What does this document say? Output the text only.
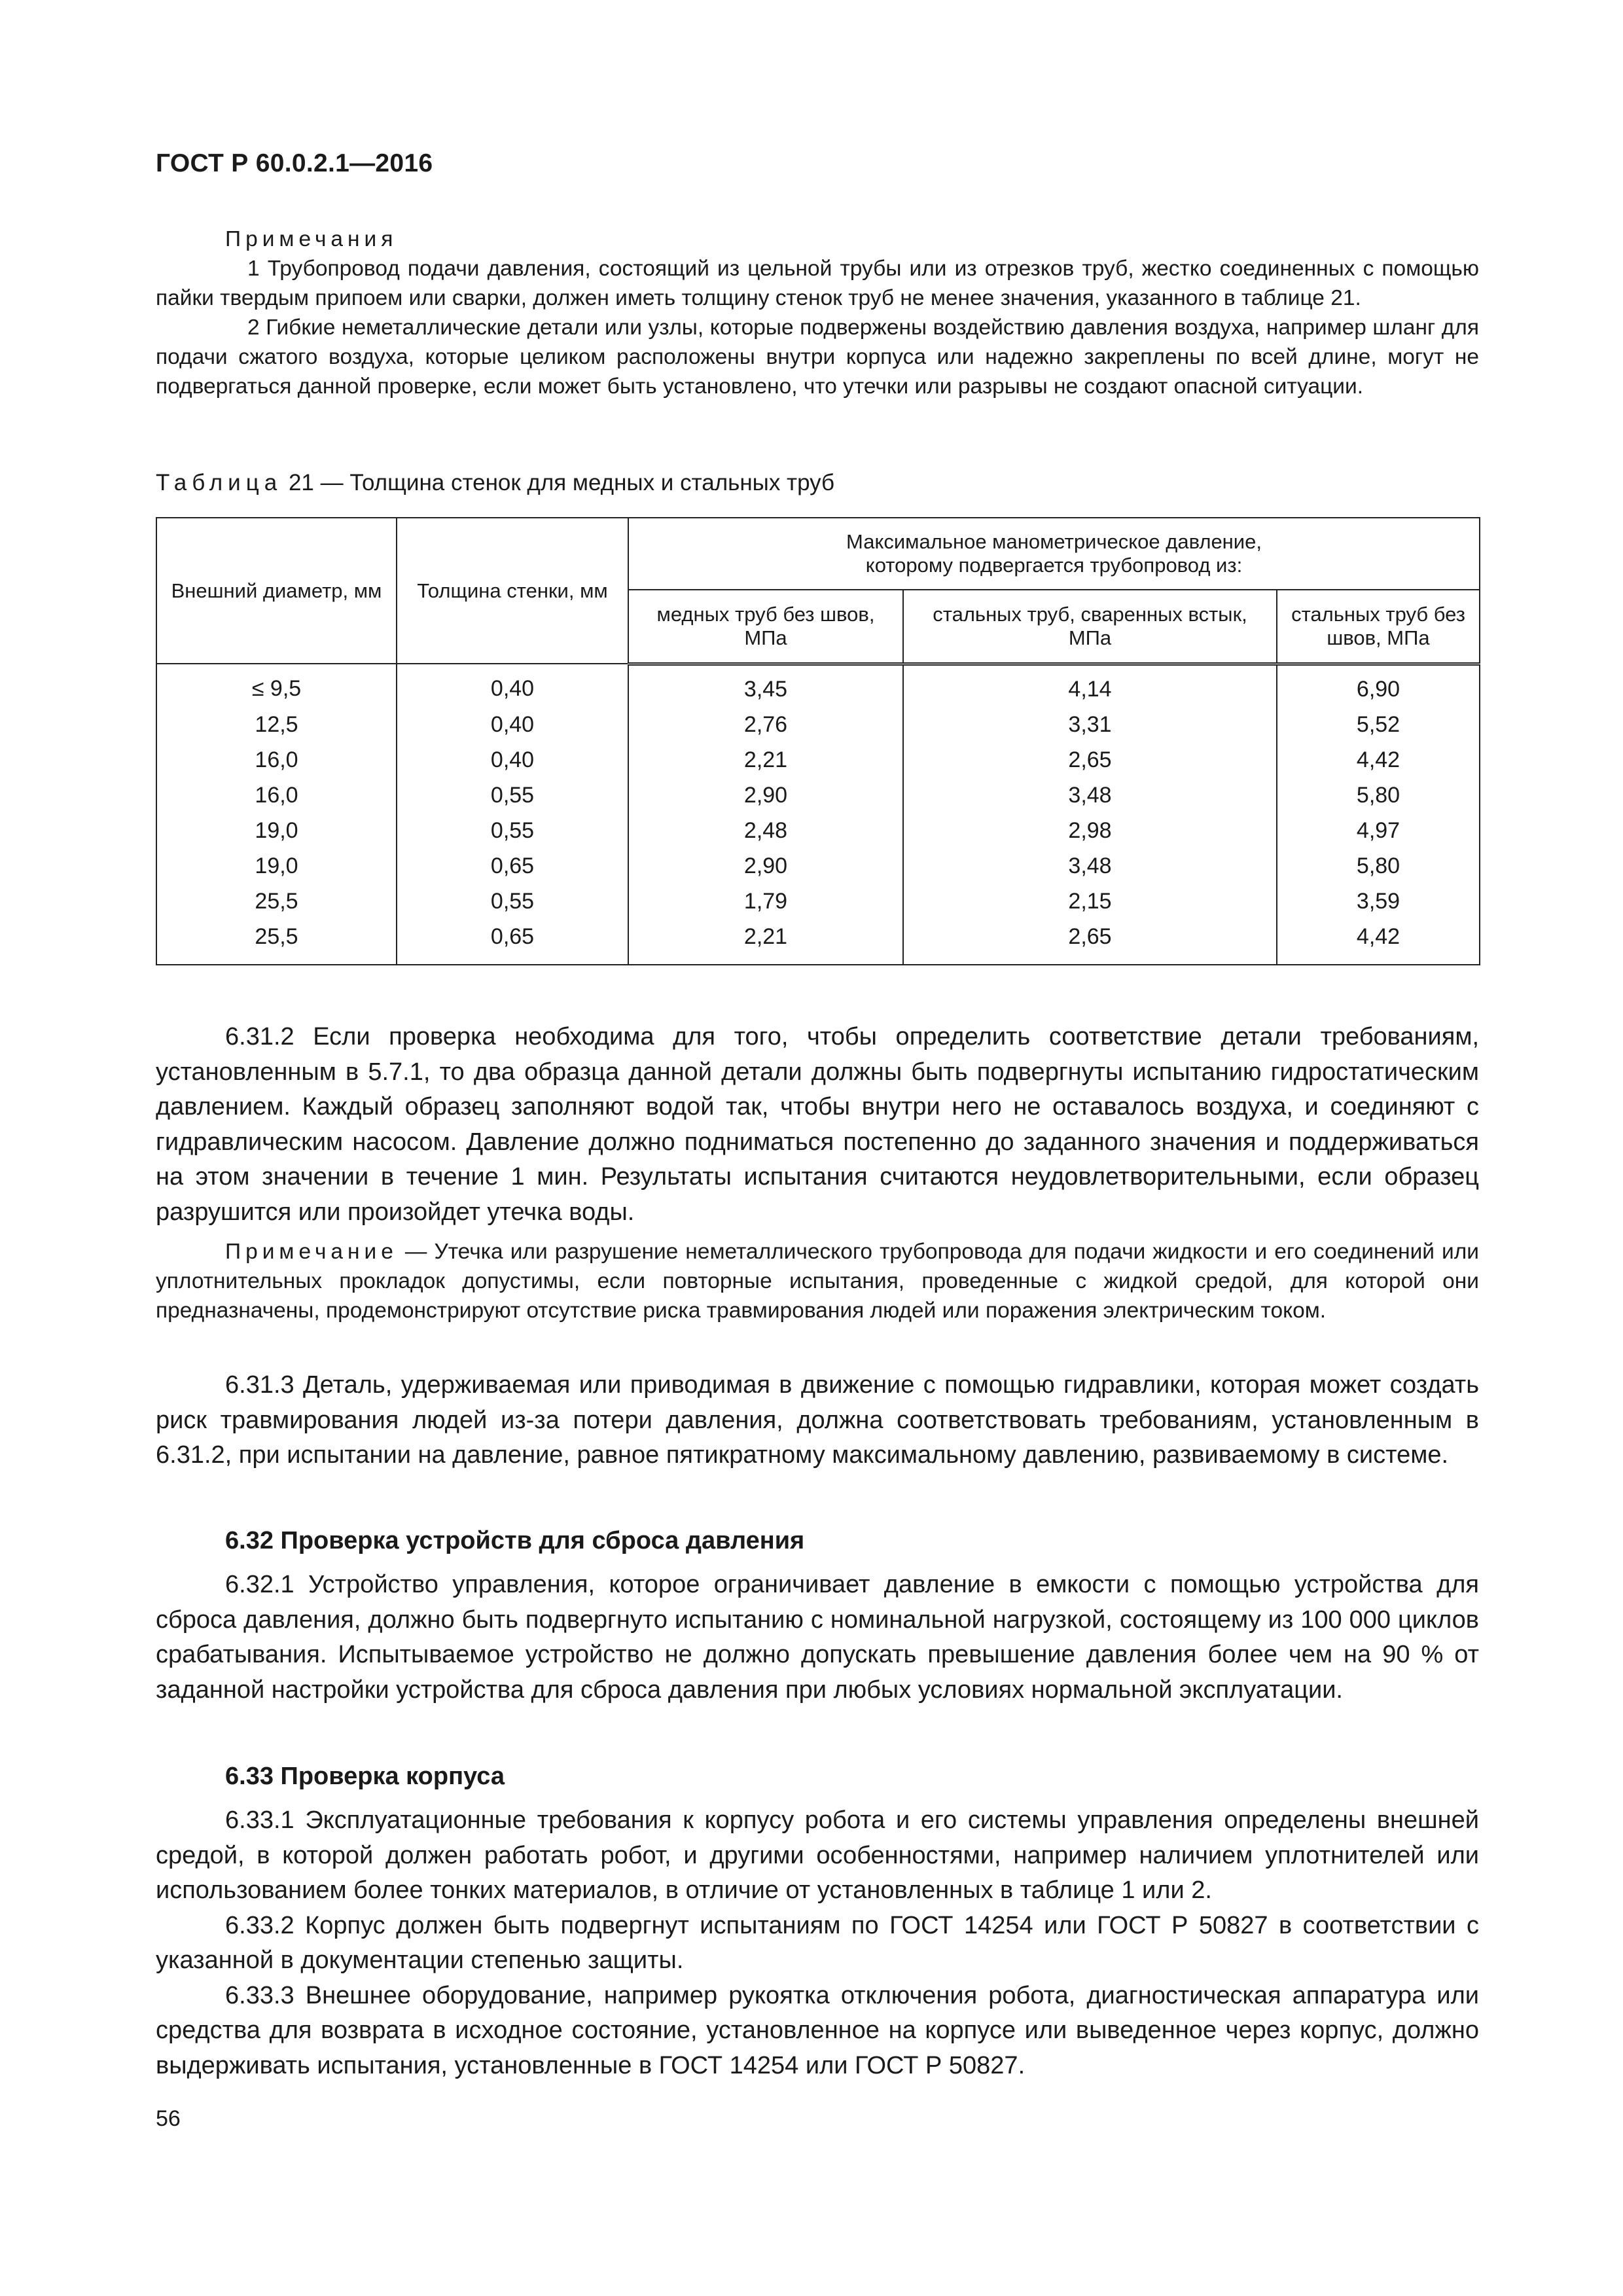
ГОСТ Р 60.0.2.1—2016
Примечания

1 Трубопровод подачи давления, состоящий из цельной трубы или из отрезков труб, жестко соединенных с помощью пайки твердым припоем или сварки, должен иметь толщину стенок труб не менее значения, указанного в таблице 21.

2 Гибкие неметаллические детали или узлы, которые подвержены воздействию давления воздуха, например шланг для подачи сжатого воздуха, которые целиком расположены внутри корпуса или надежно закреплены по всей длине, могут не подвергаться данной проверке, если может быть установлено, что утечки или разрывы не создают опасной ситуации.

Таблица 21 — Толщина стенок для медных и стальных труб
Внешний диаметр, мм	Толщина стенки, мм	Максимальное манометрическое давление, которому подвергается трубопровод из:		
		медных труб без швов, МПа	стальных труб, сваренных встык, МПа	стальных труб без швов, МПа
≤ 9,5	0,40	3,45	4,14	6,90
12,5	0,40	2,76	3,31	5,52
16,0	0,40	2,21	2,65	4,42
16,0	0,55	2,90	3,48	5,80
19,0	0,55	2,48	2,98	4,97
19,0	0,65	2,90	3,48	5,80
25,5	0,55	1,79	2,15	3,59
25,5	0,65	2,21	2,65	4,42

6.31.2 Если проверка необходима для того, чтобы определить соответствие детали требованиям, установленным в 5.7.1, то два образца данной детали должны быть подвергнуты испытанию гидростатическим давлением. Каждый образец заполняют водой так, чтобы внутри него не оставалось воздуха, и соединяют с гидравлическим насосом. Давление должно подниматься постепенно до заданного значения и поддерживаться на этом значении в течение 1 мин. Результаты испытания считаются неудовлетворительными, если образец разрушится или произойдет утечка воды.

Примечание — Утечка или разрушение неметаллического трубопровода для подачи жидкости и его соединений или уплотнительных прокладок допустимы, если повторные испытания, проведенные с жидкой средой, для которой они предназначены, продемонстрируют отсутствие риска травмирования людей или поражения электрическим током.

6.31.3 Деталь, удерживаемая или приводимая в движение с помощью гидравлики, которая может создать риск травмирования людей из-за потери давления, должна соответствовать требованиям, установленным в 6.31.2, при испытании на давление, равное пятикратному максимальному давлению, развиваемому в системе.

6.32 Проверка устройств для сброса давления

6.32.1 Устройство управления, которое ограничивает давление в емкости с помощью устройства для сброса давления, должно быть подвергнуто испытанию с номинальной нагрузкой, состоящему из 100 000 циклов срабатывания. Испытываемое устройство не должно допускать превышение давления более чем на 90 % от заданной настройки устройства для сброса давления при любых условиях нормальной эксплуатации.

6.33 Проверка корпуса

6.33.1 Эксплуатационные требования к корпусу робота и его системы управления определены внешней средой, в которой должен работать робот, и другими особенностями, например наличием уплотнителей или использованием более тонких материалов, в отличие от установленных в таблице 1 или 2.

6.33.2 Корпус должен быть подвергнут испытаниям по ГОСТ 14254 или ГОСТ Р 50827 в соответствии с указанной в документации степенью защиты.

6.33.3 Внешнее оборудование, например рукоятка отключения робота, диагностическая аппаратура или средства для возврата в исходное состояние, установленное на корпусе или выведенное через корпус, должно выдерживать испытания, установленные в ГОСТ 14254 или ГОСТ Р 50827.

56
